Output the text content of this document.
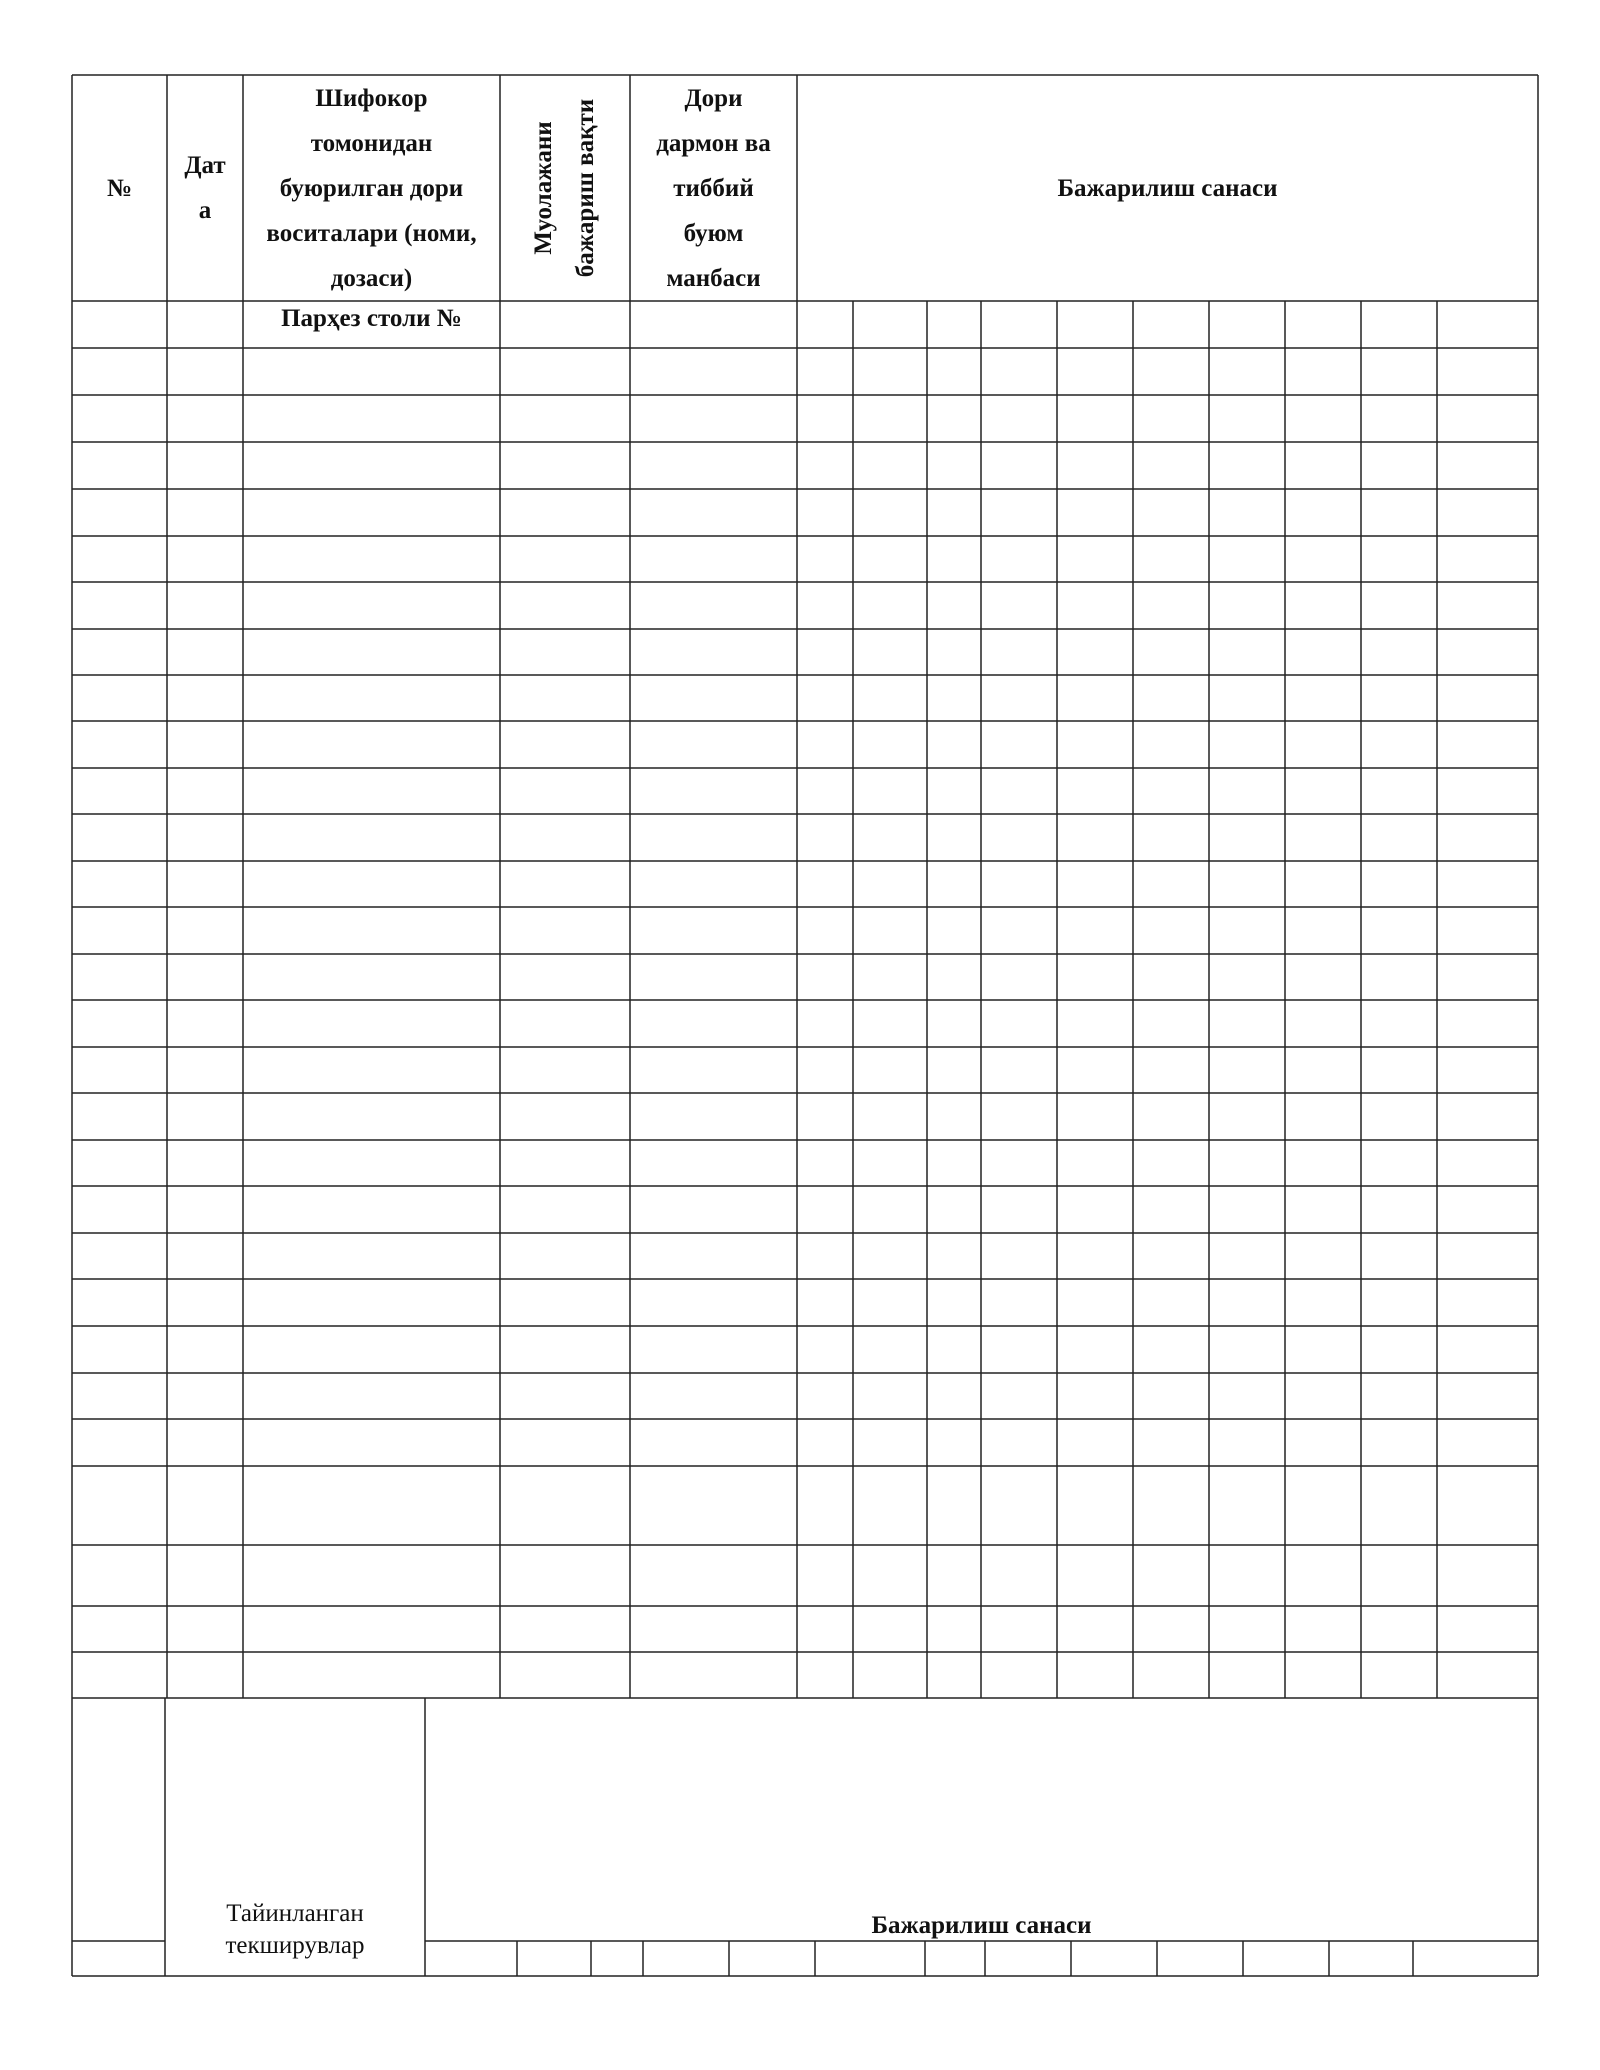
№
Дат
а
Шифокор
томонидан
буюрилган дори
воситалари (номи,
дозаси)
Муолажани бажариш вақти
Дори
дармон ва
тиббий
буюм
манбаси
Бажарилиш санаси
Парҳез столи №
Тайинланган
текширувлар
Бажарилиш санаси
